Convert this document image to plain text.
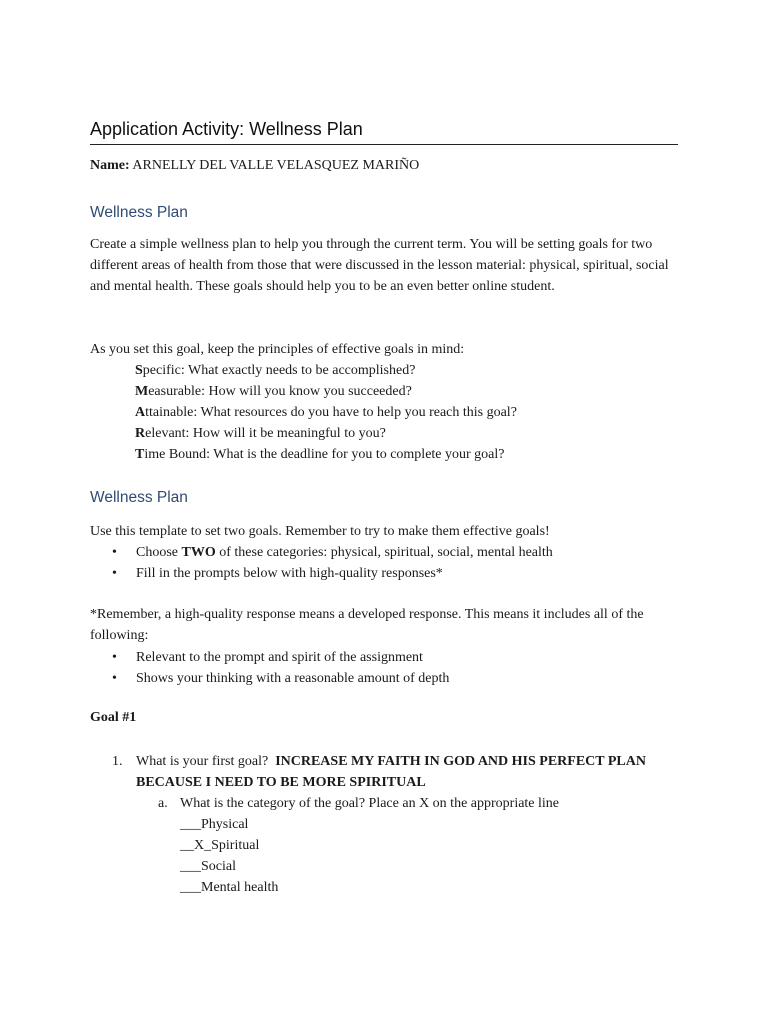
Application Activity: Wellness Plan
Name: ARNELLY DEL VALLE VELASQUEZ MARIÑO
Wellness Plan

Create a simple wellness plan to help you through the current term. You will be setting goals for two different areas of health from those that were discussed in the lesson material: physical, spiritual, social and mental health. These goals should help you to be an even better online student.

As you set this goal, keep the principles of effective goals in mind:

Specific: What exactly needs to be accomplished?
Measurable: How will you know you succeeded?
Attainable: What resources do you have to help you reach this goal?
Relevant: How will it be meaningful to you?
Time Bound: What is the deadline for you to complete your goal?
Wellness Plan

Use this template to set two goals. Remember to try to make them effective goals!

• Choose TWO of these categories: physical, spiritual, social, mental health
• Fill in the prompts below with high-quality responses*

*Remember, a high-quality response means a developed response. This means it includes all of the following:

• Relevant to the prompt and spirit of the assignment
• Shows your thinking with a reasonable amount of depth
Goal #1
1. What is your first goal? INCREASE MY FAITH IN GOD AND HIS PERFECT PLAN BECAUSE I NEED TO BE MORE SPIRITUAL
a. What is the category of the goal? Place an X on the appropriate line
___Physical
__X_Spiritual
___Social
___Mental health
